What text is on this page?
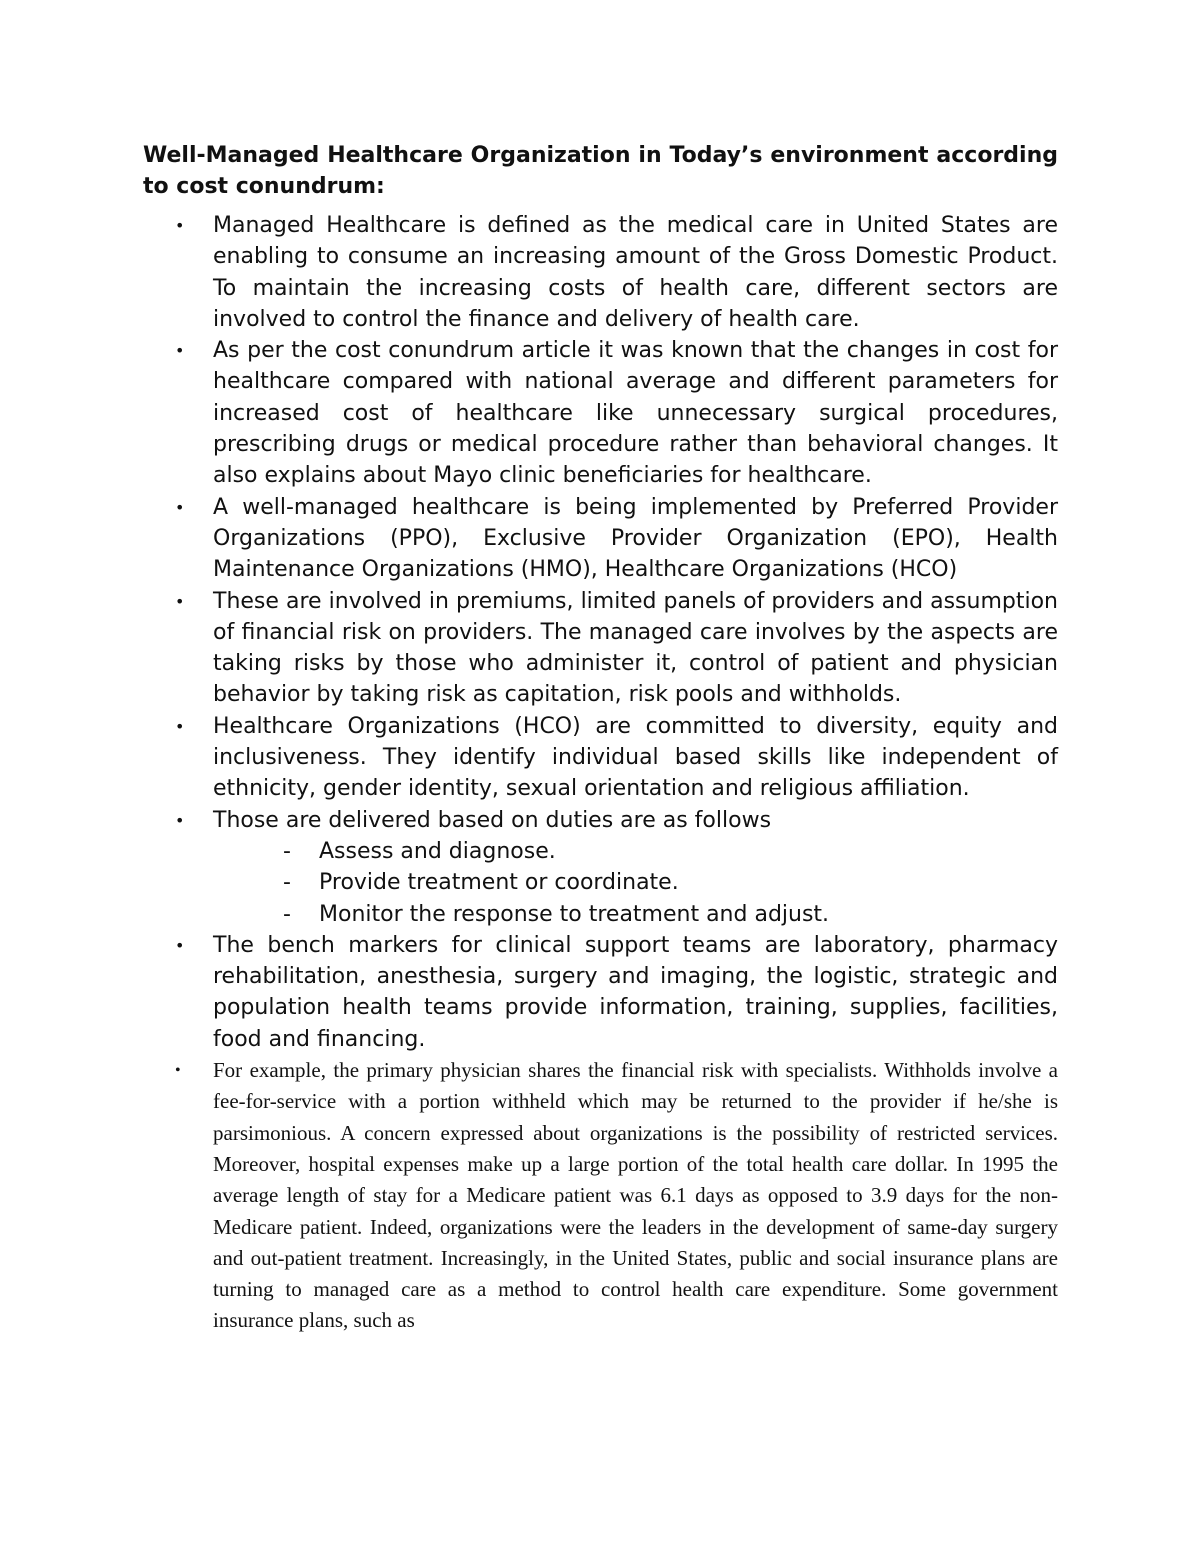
Well-Managed Healthcare Organization in Today’s environment according to cost conundrum:
• Managed Healthcare is defined as the medical care in United States are enabling to consume an increasing amount of the Gross Domestic Product. To maintain the increasing costs of health care, different sectors are involved to control the finance and delivery of health care.
• As per the cost conundrum article it was known that the changes in cost for healthcare compared with national average and different parameters for increased cost of healthcare like unnecessary surgical procedures, prescribing drugs or medical procedure rather than behavioral changes. It also explains about Mayo clinic beneficiaries for healthcare.
• A well-managed healthcare is being implemented by Preferred Provider Organizations (PPO), Exclusive Provider Organization (EPO), Health Maintenance Organizations (HMO), Healthcare Organizations (HCO)
• These are involved in premiums, limited panels of providers and assumption of financial risk on providers. The managed care involves by the aspects are taking risks by those who administer it, control of patient and physician behavior by taking risk as capitation, risk pools and withholds.
• Healthcare Organizations (HCO) are committed to diversity, equity and inclusiveness. They identify individual based skills like independent of ethnicity, gender identity, sexual orientation and religious affiliation.
• Those are delivered based on duties are as follows
- Assess and diagnose.
- Provide treatment or coordinate.
- Monitor the response to treatment and adjust.
• The bench markers for clinical support teams are laboratory, pharmacy rehabilitation, anesthesia, surgery and imaging, the logistic, strategic and population health teams provide information, training, supplies, facilities, food and financing.
• For example, the primary physician shares the financial risk with specialists. Withholds involve a fee-for-service with a portion withheld which may be returned to the provider if he/she is parsimonious. A concern expressed about organizations is the possibility of restricted services. Moreover, hospital expenses make up a large portion of the total health care dollar. In 1995 the average length of stay for a Medicare patient was 6.1 days as opposed to 3.9 days for the non-Medicare patient. Indeed, organizations were the leaders in the development of same-day surgery and out-patient treatment. Increasingly, in the United States, public and social insurance plans are turning to managed care as a method to control health care expenditure. Some government insurance plans, such as
